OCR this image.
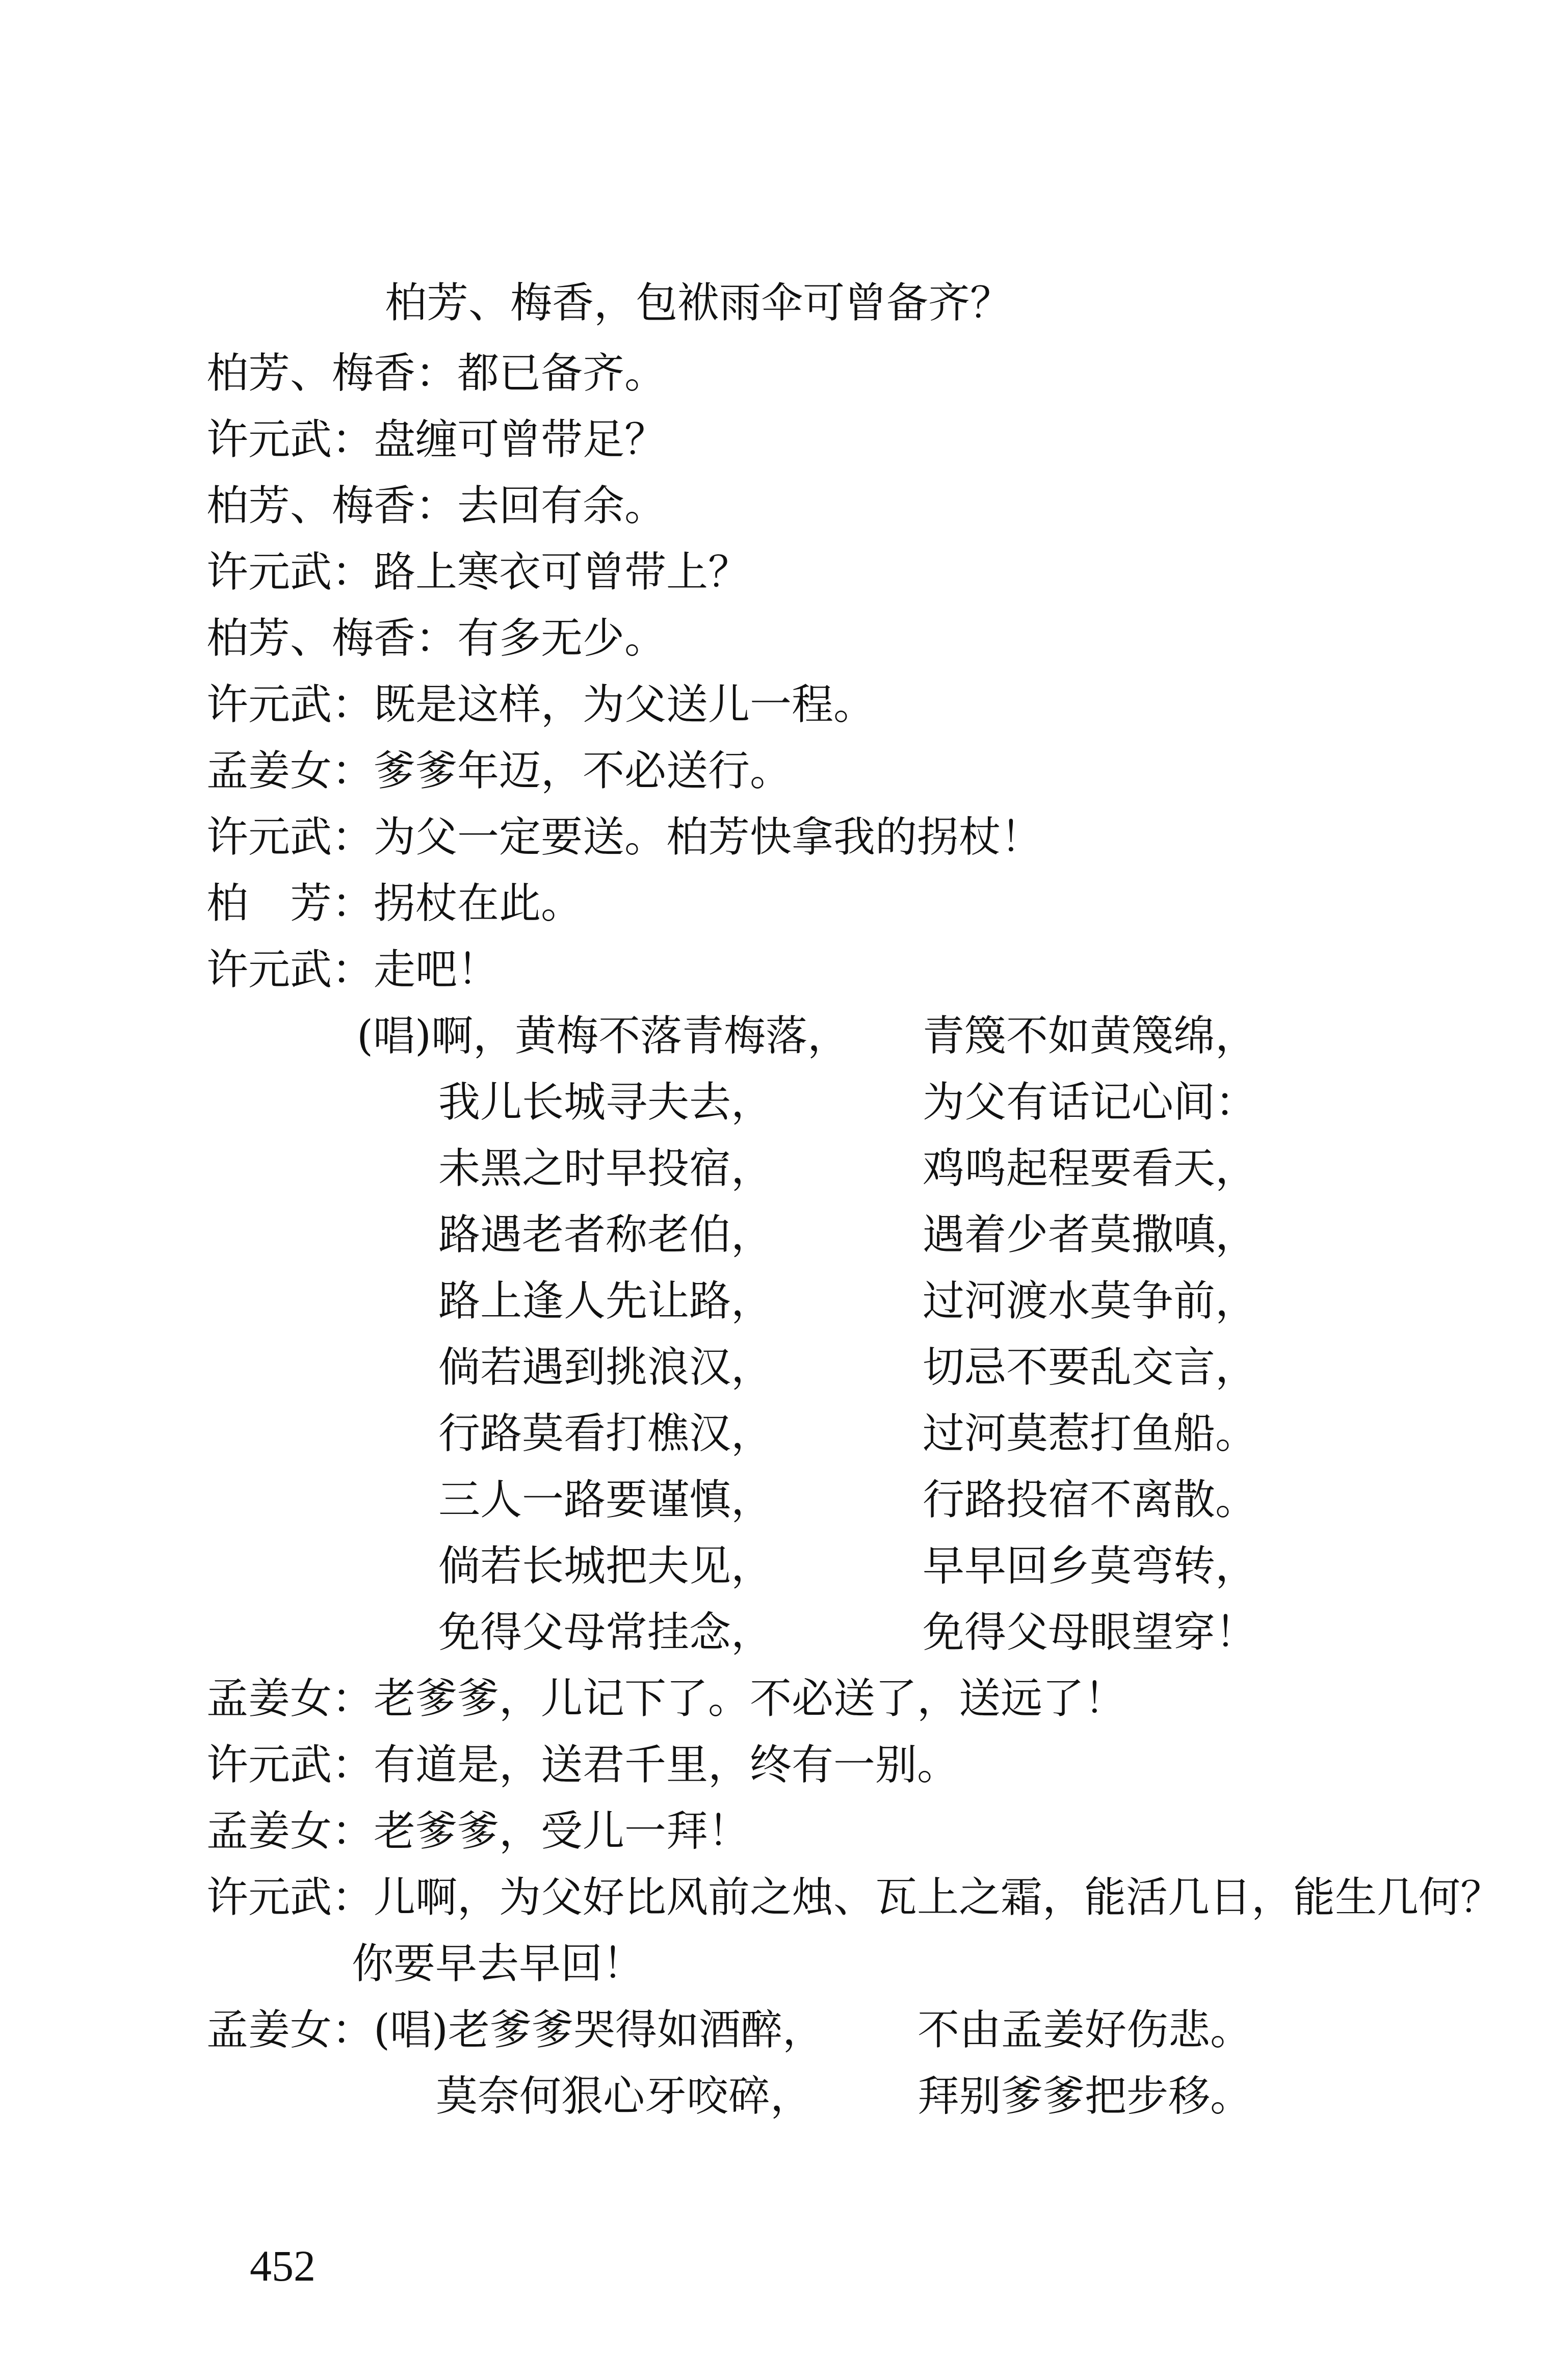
柏芳、梅香，包袱雨伞可曾备齐？
柏芳、梅香：都已备齐。
许元武：盘缠可曾带足？
柏芳、梅香：去回有余。
许元武：路上寒衣可曾带上？
柏芳、梅香：有多无少。
许元武：既是这样，为父送儿一程。
孟姜女：爹爹年迈，不必送行。
许元武：为父一定要送。柏芳快拿我的拐杖！
柏　芳：拐杖在此。
许元武：走吧！
(唱)啊，黄梅不落青梅落， 青篾不如黄篾绵，
我儿长城寻夫去，	为父有话记心间：
未黑之时早投宿，	鸡鸣起程要看天，
路遇老者称老伯，	遇着少者莫撒嗔，
路上逢人先让路，	过河渡水莫争前，
倘若遇到挑浪汉，	切忌不要乱交言，
行路莫看打樵汉，	过河莫惹打鱼船。
三人一路要谨慎，	行路投宿不离散。
倘若长城把夫见，	早早回乡莫弯转，
免得父母常挂念，	免得父母眼望穿！
孟姜女：老爹爹，儿记下了。不必送了，送远了！
许元武：有道是，送君千里，终有一别。
孟姜女：老爹爹，受儿一拜！
许元武：儿啊，为父好比风前之烛、瓦上之霜，能活几日，能生几何？
你要早去早回！
孟姜女：(唱)老爹爹哭得如酒醉， 不由孟姜好伤悲。
莫奈何狠心牙咬碎，	拜别爹爹把步移。
452
